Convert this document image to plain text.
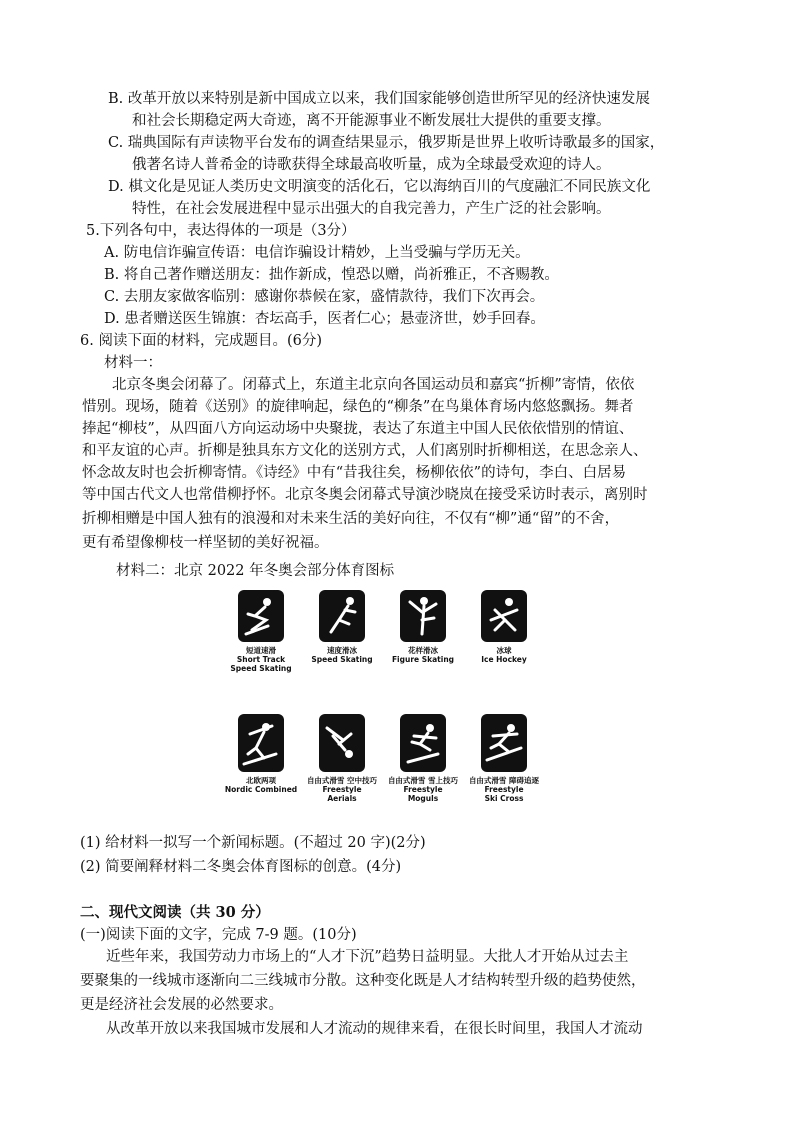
B. 改革开放以来特别是新中国成立以来，我们国家能够创造世所罕见的经济快速发展
和社会长期稳定两大奇迹，离不开能源事业不断发展壮大提供的重要支撑。
C. 瑞典国际有声读物平台发布的调查结果显示，俄罗斯是世界上收听诗歌最多的国家，
俄著名诗人普希金的诗歌获得全球最高收听量，成为全球最受欢迎的诗人。
D. 棋文化是见证人类历史文明演变的活化石，它以海纳百川的气度融汇不同民族文化
特性，在社会发展进程中显示出强大的自我完善力，产生广泛的社会影响。
5.下列各句中，表达得体的一项是（3分）
A. 防电信诈骗宣传语：电信诈骗设计精妙，上当受骗与学历无关。
B. 将自己著作赠送朋友：拙作新成，惶恐以赠，尚祈雅正，不吝赐教。
C. 去朋友家做客临别：感谢你恭候在家，盛情款待，我们下次再会。
D. 患者赠送医生锦旗：杏坛高手，医者仁心；悬壶济世，妙手回春。
6. 阅读下面的材料，完成题目。(6分)
材料一：
北京冬奥会闭幕了。闭幕式上，东道主北京向各国运动员和嘉宾“折柳”寄情，依依
惜别。现场，随着《送别》的旋律响起，绿色的“柳条”在鸟巢体育场内悠悠飘扬。舞者
捧起“柳枝”，从四面八方向运动场中央聚拢，表达了东道主中国人民依依惜别的情谊、
和平友谊的心声。折柳是独具东方文化的送别方式，人们离别时折柳相送，在思念亲人、
怀念故友时也会折柳寄情。《诗经》中有“昔我往矣，杨柳依依”的诗句，李白、白居易
等中国古代文人也常借柳抒怀。北京冬奥会闭幕式导演沙晓岚在接受采访时表示，离别时
折柳相赠是中国人独有的浪漫和对未来生活的美好向往，不仅有“柳”通“留”的不舍，
更有希望像柳枝一样坚韧的美好祝福。
材料二：北京 2022 年冬奥会部分体育图标
短道速滑
Short Track
Speed Skating
速度滑冰
Speed Skating
花样滑冰
Figure Skating
冰球
Ice Hockey
北欧两项
Nordic Combined
自由式滑雪 空中技巧
Freestyle
Aerials
自由式滑雪 雪上技巧
Freestyle
Moguls
自由式滑雪 障碍追逐
Freestyle
Ski Cross
(1) 给材料一拟写一个新闻标题。(不超过 20 字)(2分)
(2) 简要阐释材料二冬奥会体育图标的创意。(4分)
二、现代文阅读（共 30 分）
(一)阅读下面的文字，完成 7-9 题。(10分)
近些年来，我国劳动力市场上的“人才下沉”趋势日益明显。大批人才开始从过去主
要聚集的一线城市逐渐向二三线城市分散。这种变化既是人才结构转型升级的趋势使然，
更是经济社会发展的必然要求。
从改革开放以来我国城市发展和人才流动的规律来看，在很长时间里，我国人才流动
